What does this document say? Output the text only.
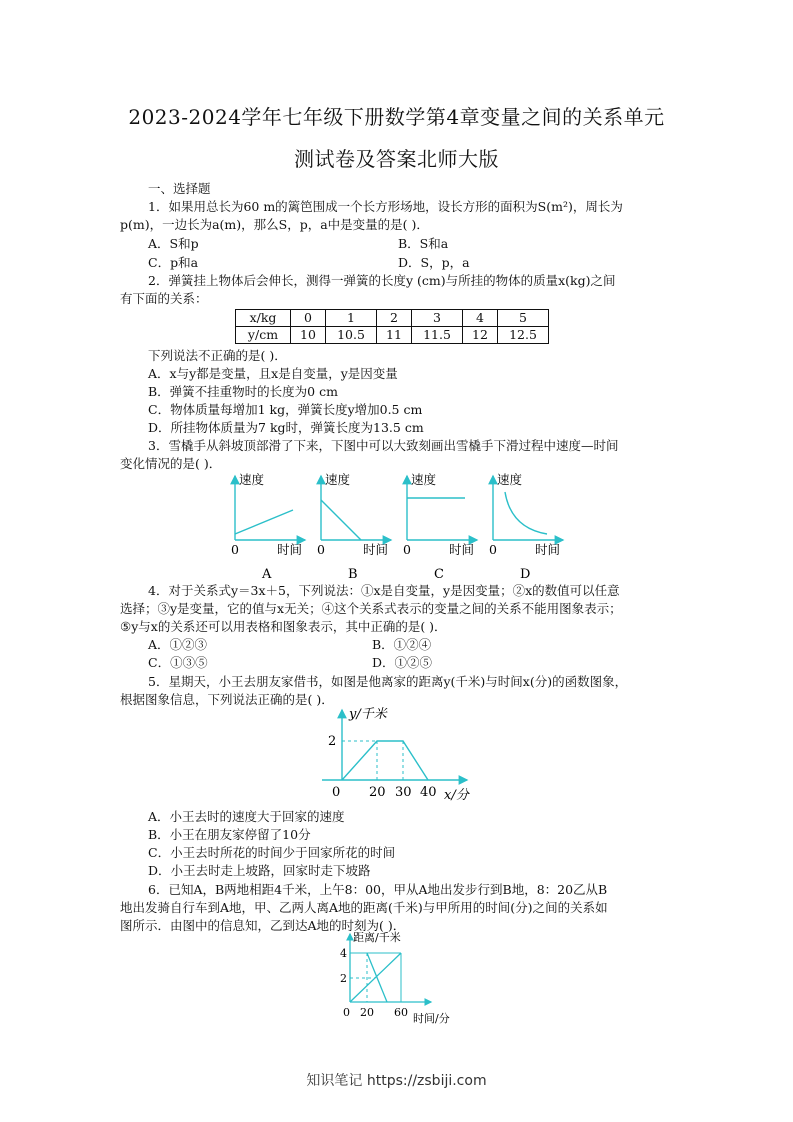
2023-2024学年七年级下册数学第4章变量之间的关系单元
测试卷及答案北师大版
一、选择题
1．如果用总长为60 m的篱笆围成一个长方形场地，设长方形的面积为S(m²)，周长为
p(m)，一边长为a(m)，那么S，p，a中是变量的是( )．
A．S和p	B．S和a
C．p和a	D．S，p，a
2．弹簧挂上物体后会伸长，测得一弹簧的长度y (cm)与所挂的物体的质量x(kg)之间
有下面的关系：
x/kg	0	1	2	3	4	5
y/cm	10	10.5	11	11.5	12	12.5
下列说法不正确的是( )．
A．x与y都是变量，且x是自变量，y是因变量
B．弹簧不挂重物时的长度为0 cm
C．物体质量每增加1 kg，弹簧长度y增加0.5 cm
D．所挂物体质量为7 kg时，弹簧长度为13.5 cm
3．雪橇手从斜坡顶部滑了下来，下图中可以大致刻画出雪橇手下滑过程中速度—时间
变化情况的是( )．
速度
0	时间
A
速度
0	时间
B
速度
0	时间
C
速度
0	时间
D
4．对于关系式y＝3x＋5，下列说法：①x是自变量，y是因变量；②x的数值可以任意
选择；③y是变量，它的值与x无关；④这个关系式表示的变量之间的关系不能用图象表示；
⑤y与x的关系还可以用表格和图象表示，其中正确的是( )．
A．①②③	B．①②④
C．①③⑤	D．①②⑤
5．星期天，小王去朋友家借书，如图是他离家的距离y(千米)与时间x(分)的函数图象，
根据图象信息，下列说法正确的是( )．
y/千米
2
0 20 30 40 x/分
A．小王去时的速度大于回家的速度
B．小王在朋友家停留了10分
C．小王去时所花的时间少于回家所花的时间
D．小王去时走上坡路，回家时走下坡路
6．已知A，B两地相距4千米，上午8：00，甲从A地出发步行到B地，8：20乙从B
地出发骑自行车到A地，甲、乙两人离A地的距离(千米)与甲所用的时间(分)之间的关系如
图所示．由图中的信息知，乙到达A地的时刻为( )．
距离/千米
4
2
0 20 60 时间/分
知识笔记 https://zsbiji.com
